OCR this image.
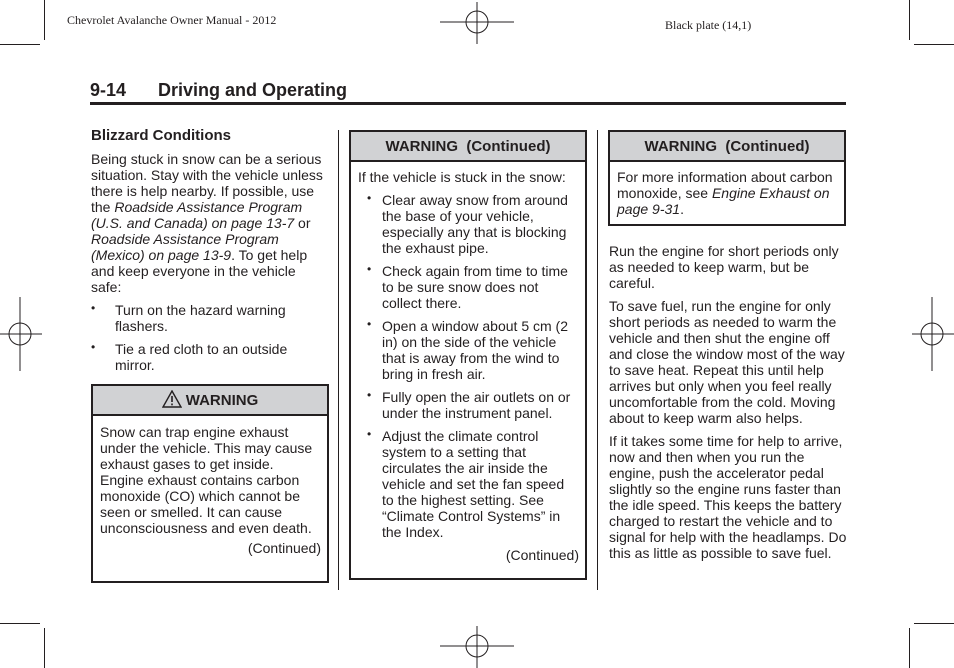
Chevrolet Avalanche Owner Manual - 2012	Black plate (14,1)
9-14 Driving and Operating
Blizzard Conditions

Being stuck in snow can be a serious situation. Stay with the vehicle unless there is help nearby. If possible, use the Roadside Assistance Program (U.S. and Canada) on page 13-7 or Roadside Assistance Program (Mexico) on page 13-9. To get help and keep everyone in the vehicle safe:

• Turn on the hazard warning flashers.
• Tie a red cloth to an outside mirror.
WARNING
Snow can trap engine exhaust under the vehicle. This may cause exhaust gases to get inside. Engine exhaust contains carbon monoxide (CO) which cannot be seen or smelled. It can cause unconsciousness and even death.
(Continued)
WARNING  (Continued)

If the vehicle is stuck in the snow:

• Clear away snow from around the base of your vehicle, especially any that is blocking the exhaust pipe.
• Check again from time to time to be sure snow does not collect there.
• Open a window about 5 cm (2 in) on the side of the vehicle that is away from the wind to bring in fresh air.
• Fully open the air outlets on or under the instrument panel.
• Adjust the climate control system to a setting that circulates the air inside the vehicle and set the fan speed to the highest setting. See “Climate Control Systems” in the Index.
(Continued)
WARNING  (Continued)

For more information about carbon monoxide, see Engine Exhaust on page 9-31.

Run the engine for short periods only as needed to keep warm, but be careful.

To save fuel, run the engine for only short periods as needed to warm the vehicle and then shut the engine off and close the window most of the way to save heat. Repeat this until help arrives but only when you feel really uncomfortable from the cold. Moving about to keep warm also helps.

If it takes some time for help to arrive, now and then when you run the engine, push the accelerator pedal slightly so the engine runs faster than the idle speed. This keeps the battery charged to restart the vehicle and to signal for help with the headlamps. Do this as little as possible to save fuel.
